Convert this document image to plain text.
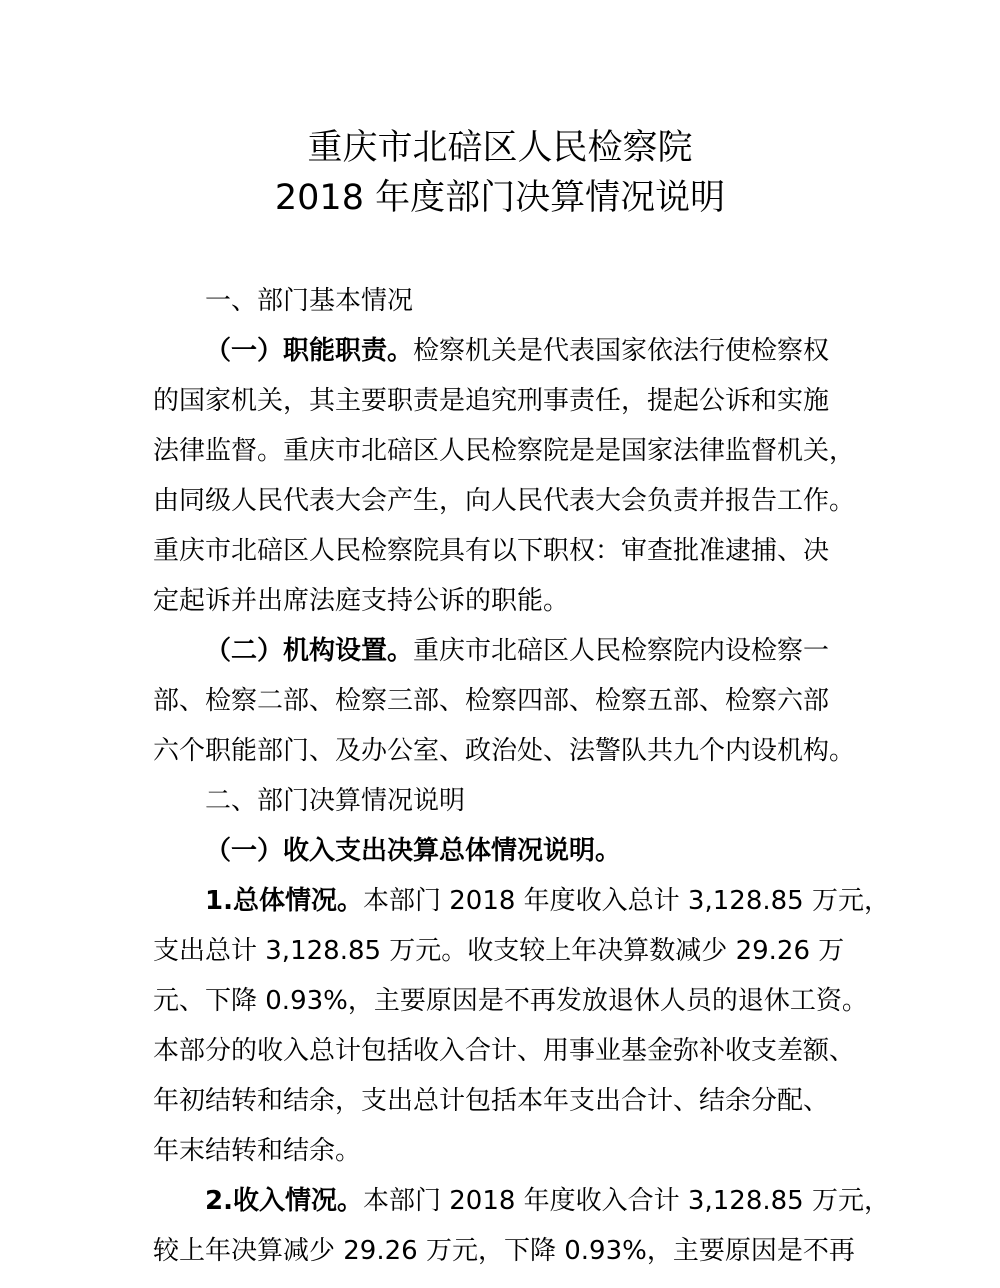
重庆市北碚区人民检察院
2018 年度部门决算情况说明
一、部门基本情况
（一）职能职责。检察机关是代表国家依法行使检察权
的国家机关，其主要职责是追究刑事责任，提起公诉和实施
法律监督。重庆市北碚区人民检察院是是国家法律监督机关，
由同级人民代表大会产生，向人民代表大会负责并报告工作。
重庆市北碚区人民检察院具有以下职权：审查批准逮捕、决
定起诉并出席法庭支持公诉的职能。
（二）机构设置。重庆市北碚区人民检察院内设检察一
部、检察二部、检察三部、检察四部、检察五部、检察六部
六个职能部门、及办公室、政治处、法警队共九个内设机构。
二、部门决算情况说明
（一）收入支出决算总体情况说明。
1.总体情况。本部门 2018 年度收入总计 3,128.85 万元，
支出总计 3,128.85 万元。收支较上年决算数减少 29.26 万
元、下降 0.93%，主要原因是不再发放退休人员的退休工资。
本部分的收入总计包括收入合计、用事业基金弥补收支差额、
年初结转和结余，支出总计包括本年支出合计、结余分配、
年末结转和结余。
2.收入情况。本部门 2018 年度收入合计 3,128.85 万元，
较上年决算减少 29.26 万元，下降 0.93%，主要原因是不再
